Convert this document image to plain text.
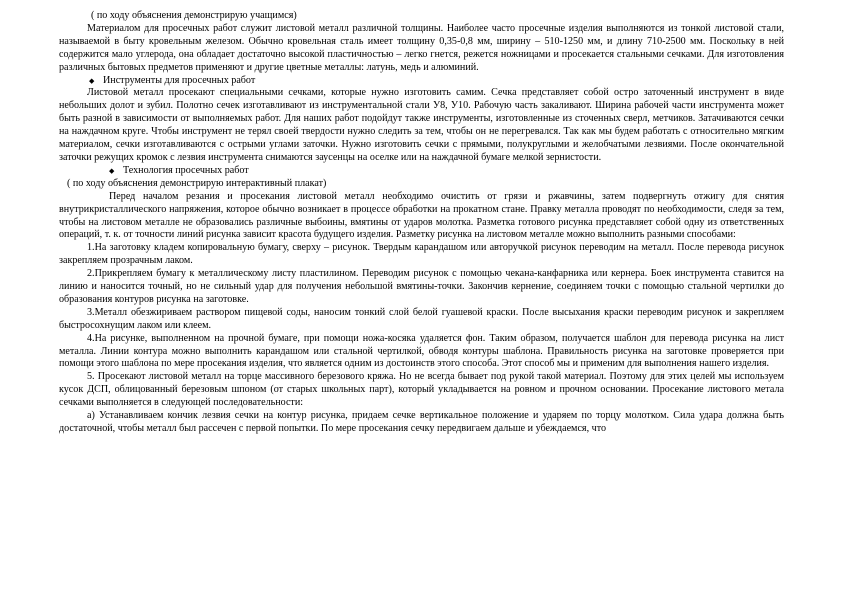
( по ходу объяснения демонстрирую учащимся)

Материалом для просечных работ служит листовой металл различной толщины. Наиболее часто просечные изделия выполняются из тонкой листовой стали, называемой в быту кровельным железом. Обычно кровельная сталь имеет толщину 0,35-0,8 мм, ширину – 510-1250 мм, и длину 710-2500 мм. Поскольку в ней содержится мало углерода, она обладает достаточно высокой пластичностью – легко гнется, режется ножницами и просекается стальными сечками. Для изготовления различных бытовых предметов применяют и другие цветные металлы: латунь, медь и алюминий.

◆ Инструменты для просечных работ

Листовой металл просекают специальными сечками, которые нужно изготовить самим. Сечка представляет собой остро заточенный инструмент в виде небольших долот и зубил. Полотно сечек изготавливают из инструментальной стали У8, У10. Рабочую часть закаливают. Ширина рабочей части инструмента может быть разной в зависимости от выполняемых работ. Для наших работ подойдут также инструменты, изготовленные из сточенных сверл, метчиков. Затачиваются сечки на наждачном круге. Чтобы инструмент не терял своей твердости нужно следить за тем, чтобы он не перегревался. Так как мы будем работать с относительно мягким материалом, сечки изготавливаются с острыми углами заточки. Нужно изготовить сечки с прямыми, полукруглыми и желобчатыми лезвиями. После окончательной заточки режущих кромок с лезвия инструмента снимаются заусенцы на оселке или на наждачной бумаге мелкой зернистости.

◆ Технология просечных работ

( по ходу объяснения демонстрирую интерактивный плакат)

Перед началом резания и просекания листовой металл необходимо очистить от грязи и ржавчины, затем подвергнуть отжигу для снятия внутрикристаллического напряжения, которое обычно возникает в процессе обработки на прокатном стане. Правку металла проводят по необходимости, следя за тем, чтобы на листовом металле не образовались различные выбоины, вмятины от ударов молотка. Разметка готового рисунка представляет собой одну из ответственных операций, т. к. от точности линий рисунка зависит красота будущего изделия. Разметку рисунка на листовом металле можно выполнить разными способами:

1.На заготовку кладем копировальную бумагу, сверху – рисунок. Твердым карандашом или авторучкой рисунок переводим на металл. После перевода рисунок закрепляем прозрачным лаком.

2.Прикрепляем бумагу к металлическому листу пластилином. Переводим рисунок с помощью чекана-канфарника или кернера. Боек инструмента ставится на линию и наносится точный, но не сильный удар для получения небольшой вмятины-точки. Закончив кернение, соединяем точки с помощью стальной чертилки до образования контуров рисунка на заготовке.

3.Металл обезжириваем раствором пищевой соды, наносим тонкий слой белой гуашевой краски. После высыхания краски переводим рисунок и закрепляем быстросохнущим лаком или клеем.

4.На рисунке, выполненном на прочной бумаге, при помощи ножа-косяка удаляется фон. Таким образом, получается шаблон для перевода рисунка на лист металла. Линии контура можно выполнить карандашом или стальной чертилкой, обводя контуры шаблона. Правильность рисунка на заготовке проверяется при помощи этого шаблона по мере просекания изделия, что является одним из достоинств этого способа. Этот способ мы и применим для выполнения нашего изделия.

5. Просекают листовой металл на торце массивного березового кряжа. Но не всегда бывает под рукой такой материал. Поэтому для этих целей мы используем кусок ДСП, облицованный березовым шпоном (от старых школьных парт), который укладывается на ровном и прочном основании. Просекание листового метала сечками выполняется в следующей последовательности:

а) Устанавливаем кончик лезвия сечки на контур рисунка, придаем сечке вертикальное положение и ударяем по торцу молотком. Сила удара должна быть достаточной, чтобы металл был рассечен с первой попытки. По мере просекания сечку передвигаем дальше и убеждаемся, что
